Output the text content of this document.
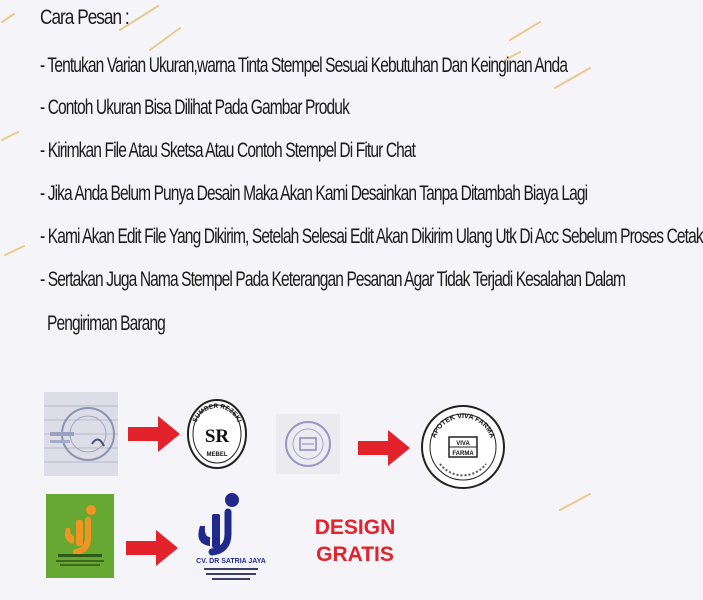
Cara Pesan :

- Tentukan Varian Ukuran,warna Tinta Stempel Sesuai Kebutuhan Dan Keinginan Anda

- Contoh Ukuran Bisa Dilihat Pada Gambar Produk

- Kirimkan File Atau Sketsa Atau Contoh Stempel Di Fitur Chat

- Jika Anda Belum Punya Desain Maka Akan Kami Desainkan Tanpa Ditambah Biaya Lagi

- Kami Akan Edit File Yang Dikirim, Setelah Selesai Edit Akan Dikirim Ulang Utk Di Acc Sebelum Proses Cetak

- Sertakan Juga Nama Stempel Pada Keterangan Pesanan Agar Tidak Terjadi Kesalahan Dalam

Pengiriman Barang

SUMBER REZEKI
SR
MEBEL
APOTEK VIVA FARMA
VIVA
FARMA
CV. DR SATRIA JAYA
DESIGN
GRATIS
